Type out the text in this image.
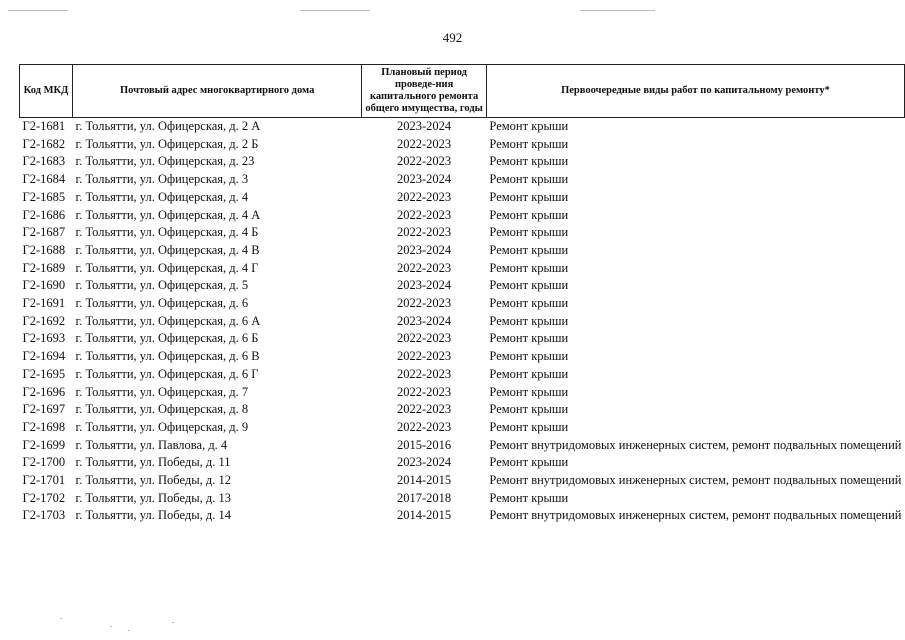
492
Код МКД	Почтовый адрес многоквартирного дома	Плановый период проведе-ния капитального ремонта общего имущества, годы	Первоочередные виды работ по капитальному ремонту*
Г2-1681	г. Тольятти, ул. Офицерская, д. 2 А	2023-2024	Ремонт крыши
Г2-1682	г. Тольятти, ул. Офицерская, д. 2 Б	2022-2023	Ремонт крыши
Г2-1683	г. Тольятти, ул. Офицерская, д. 23	2022-2023	Ремонт крыши
Г2-1684	г. Тольятти, ул. Офицерская, д. 3	2023-2024	Ремонт крыши
Г2-1685	г. Тольятти, ул. Офицерская, д. 4	2022-2023	Ремонт крыши
Г2-1686	г. Тольятти, ул. Офицерская, д. 4 А	2022-2023	Ремонт крыши
Г2-1687	г. Тольятти, ул. Офицерская, д. 4 Б	2022-2023	Ремонт крыши
Г2-1688	г. Тольятти, ул. Офицерская, д. 4 В	2023-2024	Ремонт крыши
Г2-1689	г. Тольятти, ул. Офицерская, д. 4 Г	2022-2023	Ремонт крыши
Г2-1690	г. Тольятти, ул. Офицерская, д. 5	2023-2024	Ремонт крыши
Г2-1691	г. Тольятти, ул. Офицерская, д. 6	2022-2023	Ремонт крыши
Г2-1692	г. Тольятти, ул. Офицерская, д. 6 А	2023-2024	Ремонт крыши
Г2-1693	г. Тольятти, ул. Офицерская, д. 6 Б	2022-2023	Ремонт крыши
Г2-1694	г. Тольятти, ул. Офицерская, д. 6 В	2022-2023	Ремонт крыши
Г2-1695	г. Тольятти, ул. Офицерская, д. 6 Г	2022-2023	Ремонт крыши
Г2-1696	г. Тольятти, ул. Офицерская, д. 7	2022-2023	Ремонт крыши
Г2-1697	г. Тольятти, ул. Офицерская, д. 8	2022-2023	Ремонт крыши
Г2-1698	г. Тольятти, ул. Офицерская, д. 9	2022-2023	Ремонт крыши
Г2-1699	г. Тольятти, ул. Павлова, д. 4	2015-2016	Ремонт внутридомовых инженерных систем, ремонт подвальных помещений
Г2-1700	г. Тольятти, ул. Победы, д. 11	2023-2024	Ремонт крыши
Г2-1701	г. Тольятти, ул. Победы, д. 12	2014-2015	Ремонт внутридомовых инженерных систем, ремонт подвальных помещений
Г2-1702	г. Тольятти, ул. Победы, д. 13	2017-2018	Ремонт крыши
Г2-1703	г. Тольятти, ул. Победы, д. 14	2014-2015	Ремонт внутридомовых инженерных систем, ремонт подвальных помещений
